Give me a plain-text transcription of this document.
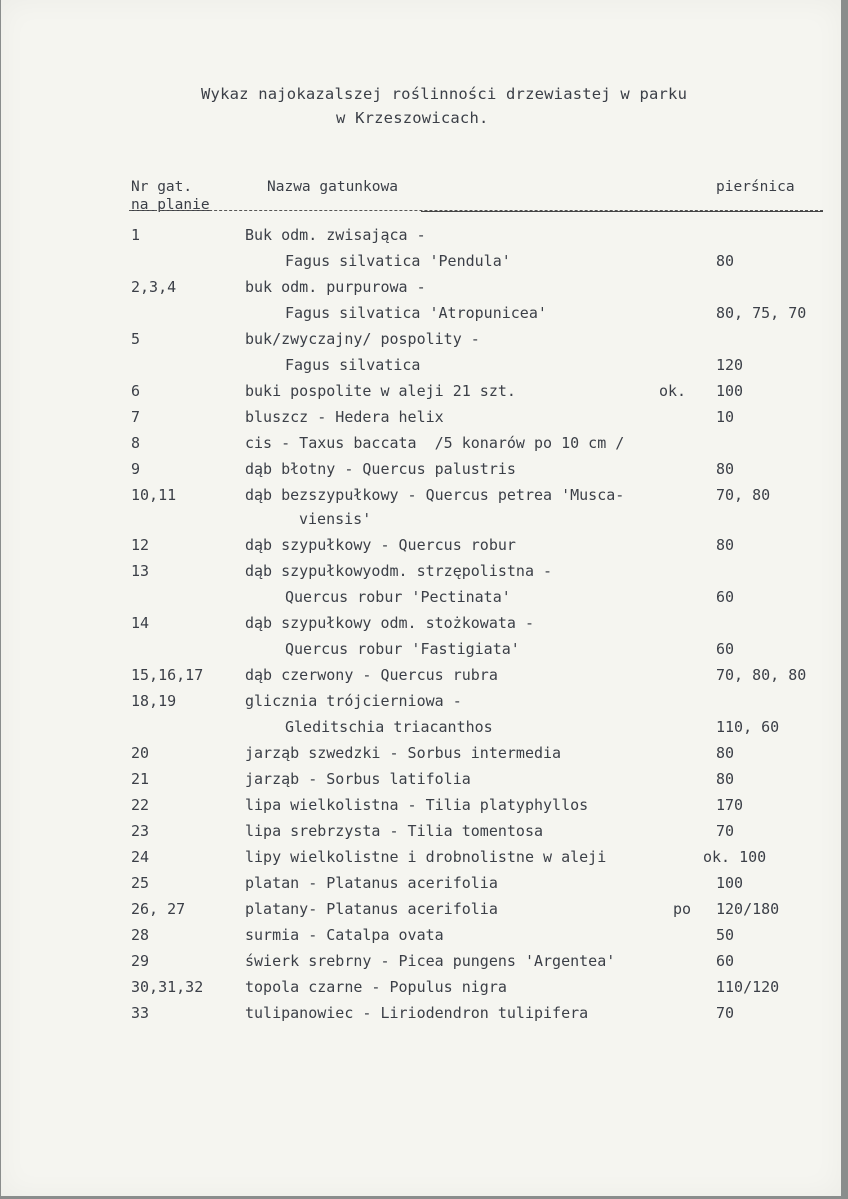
Wykaz najokazalszej roślinności drzewiastej w parku
w Krzeszowicach.
Nr gat.
na planie
Nazwa gatunkowa	pierśnica
1	Buk odm. zwisająca -
Fagus silvatica 'Pendula'	80
2,3,4	buk odm. purpurowa -
Fagus silvatica 'Atropunicea'	80, 75, 70
5	buk/zwyczajny/ pospolity -
Fagus silvatica	120
6	buki pospolite w aleji 21 szt.	ok. 100
7	bluszcz - Hedera helix	10
8	cis - Taxus baccata  /5 konarów po 10 cm /
9	dąb błotny - Quercus palustris	80
10,11	dąb bezszypułkowy - Quercus petrea 'Musca-	70, 80
viensis'
12	dąb szypułkowy - Quercus robur	80
13	dąb szypułkowyodm. strzępolistna -
Quercus robur 'Pectinata'	60
14	dąb szypułkowy odm. stożkowata -
Quercus robur 'Fastigiata'	60
15,16,17	dąb czerwony - Quercus rubra	70, 80, 80
18,19	glicznia trójcierniowa -
Gleditschia triacanthos	110, 60
20	jarząb szwedzki - Sorbus intermedia	80
21	jarząb - Sorbus latifolia	80
22	lipa wielkolistna - Tilia platyphyllos	170
23	lipa srebrzysta - Tilia tomentosa	70
24	lipy wielkolistne i drobnolistne w aleji	ok. 100
25	platan - Platanus acerifolia	100
26, 27	platany- Platanus acerifolia	po 120/180
28	surmia - Catalpa ovata	50
29	świerk srebrny - Picea pungens 'Argentea'	60
30,31,32	topola czarne - Populus nigra	110/120
33	tulipanowiec - Liriodendron tulipifera	70
